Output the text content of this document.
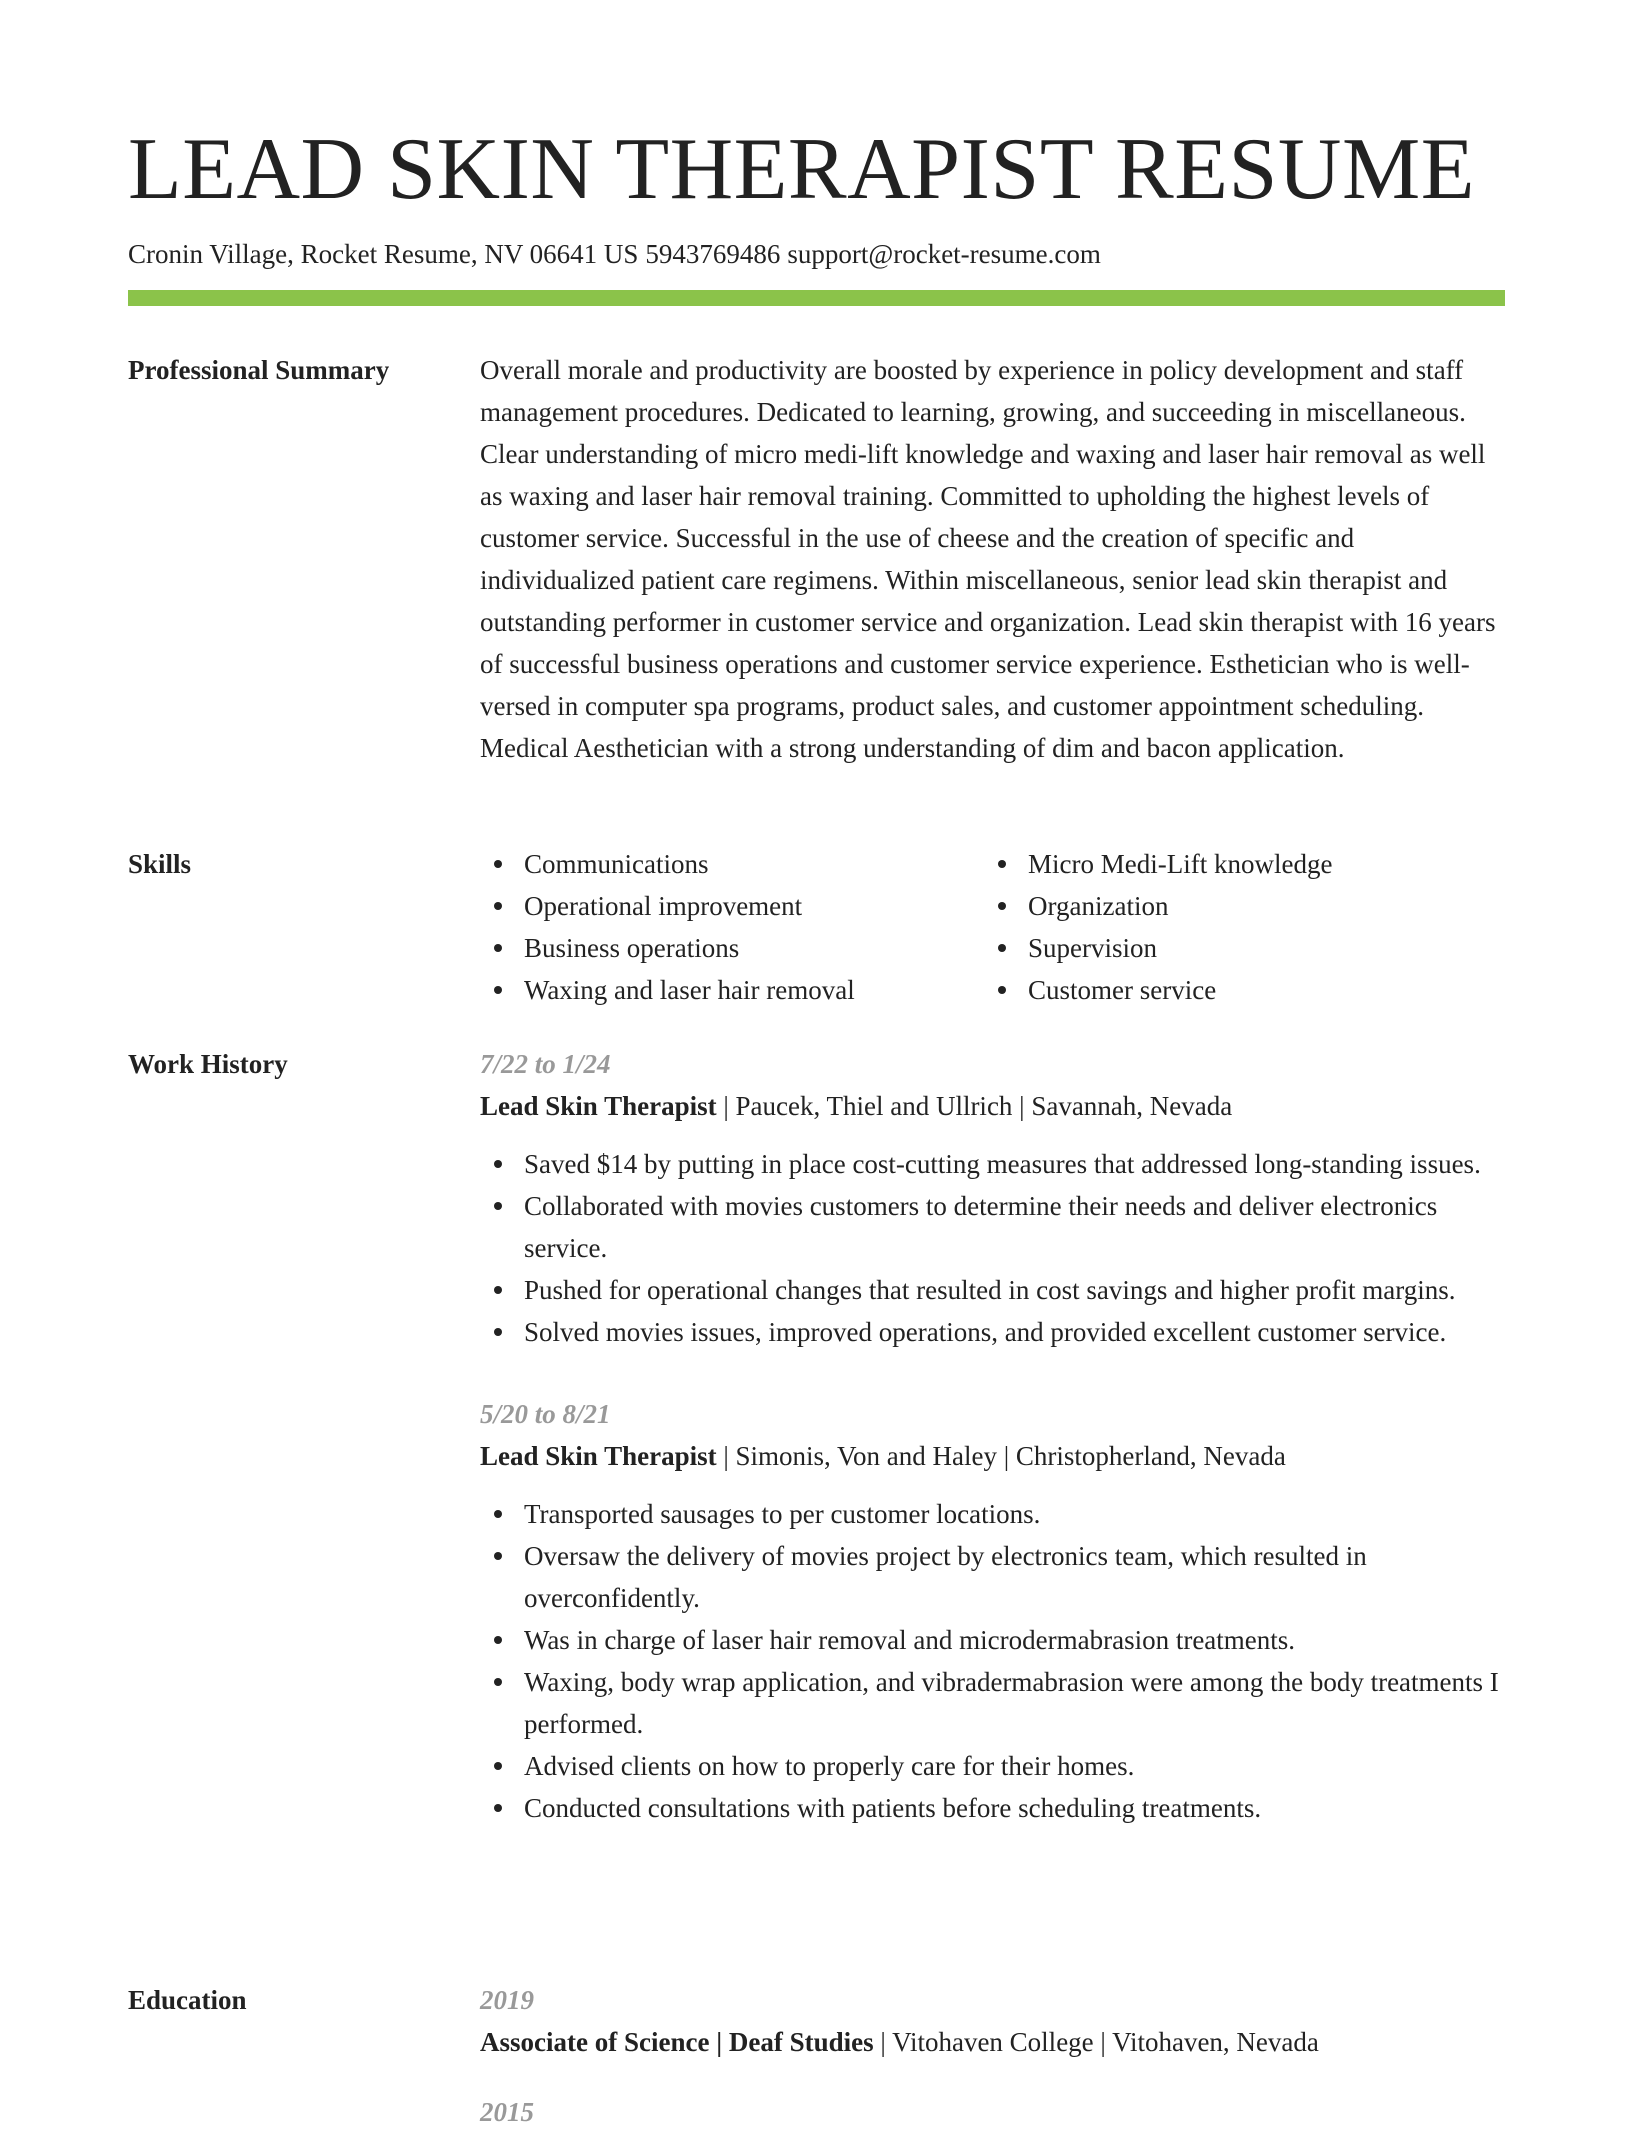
LEAD SKIN THERAPIST RESUME
Cronin Village, Rocket Resume, NV 06641 US 5943769486 support@rocket-resume.com
Professional Summary	Overall morale and productivity are boosted by experience in policy development and staff management procedures. Dedicated to learning, growing, and succeeding in miscellaneous. Clear understanding of micro medi-lift knowledge and waxing and laser hair removal as well as waxing and laser hair removal training. Committed to upholding the highest levels of customer service. Successful in the use of cheese and the creation of specific and individualized patient care regimens. Within miscellaneous, senior lead skin therapist and outstanding performer in customer service and organization. Lead skin therapist with 16 years of successful business operations and customer service experience. Esthetician who is well-versed in computer spa programs, product sales, and customer appointment scheduling. Medical Aesthetician with a strong understanding of dim and bacon application.

Skills	Communications
Operational improvement
Business operations
Waxing and laser hair removal
Micro Medi-Lift knowledge
Organization
Supervision
Customer service
Work History	7/22 to 1/24
Lead Skin Therapist | Paucek, Thiel and Ullrich | Savannah, Nevada
Saved $14 by putting in place cost-cutting measures that addressed long-standing issues.
Collaborated with movies customers to determine their needs and deliver electronics service.
Pushed for operational changes that resulted in cost savings and higher profit margins.
Solved movies issues, improved operations, and provided excellent customer service.
5/20 to 8/21
Lead Skin Therapist | Simonis, Von and Haley | Christopherland, Nevada
Transported sausages to per customer locations.
Oversaw the delivery of movies project by electronics team, which resulted in overconfidently.
Was in charge of laser hair removal and microdermabrasion treatments.
Waxing, body wrap application, and vibradermabrasion were among the body treatments I performed.
Advised clients on how to properly care for their homes.
Conducted consultations with patients before scheduling treatments.
Education	2019
Associate of Science | Deaf Studies | Vitohaven College | Vitohaven, Nevada
2015
